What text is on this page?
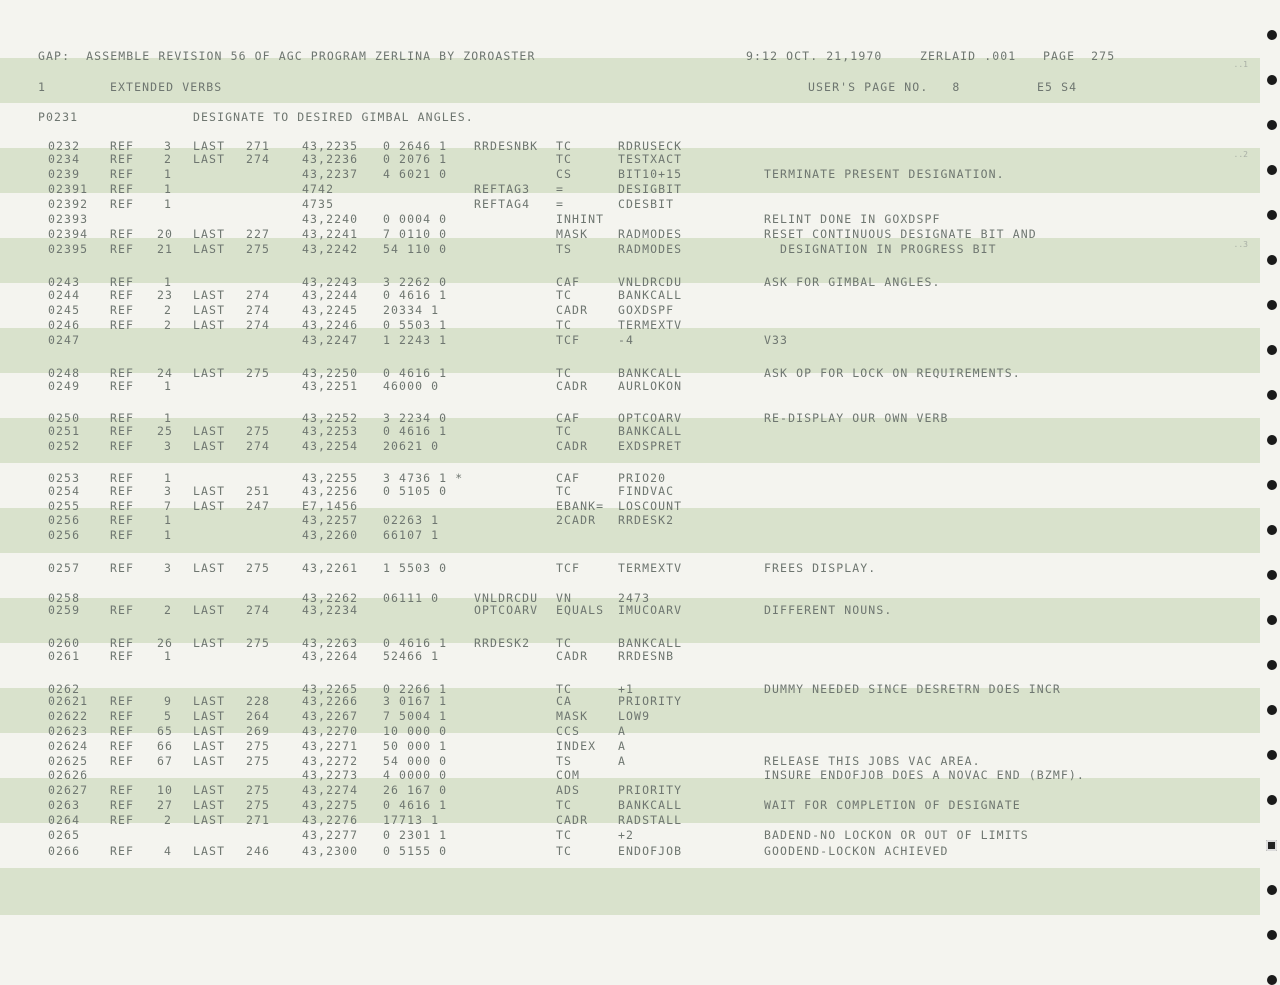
GAP:  ASSEMBLE REVISION 56 OF AGC PROGRAM ZERLINA BY ZOROASTER	9:12 OCT. 21,1970	ZERLAID .001 PAGE  275
1	EXTENDED VERBS	USER'S PAGE NO.   8	E5 S4
P0231	DESIGNATE TO DESIRED GIMBAL ANGLES.
0232	REF	3 LAST 271	43,2235 0 2646 1 RRDESNBK TC	RDRUSECK
0234	REF	2 LAST 274	43,2236 0 2076 1	TC	TESTXACT
0239	REF	1	43,2237 4 6021 0	CS	BIT10+15	TERMINATE PRESENT DESIGNATION.
02391 REF	1	4742	REFTAG3 =	DESIGBIT
02392 REF	1	4735	REFTAG4 =	CDESBIT
02393	43,2240 0 0004 0	INHINT	RELINT DONE IN GOXDSPF
02394 REF 20 LAST 227	43,2241 7 0110 0	MASK	RADMODES	RESET CONTINUOUS DESIGNATE BIT AND
02395 REF 21 LAST 275	43,2242 54 110 0	TS	RADMODES	DESIGNATION IN PROGRESS BIT
0243	REF	1	43,2243 3 2262 0	CAF	VNLDRCDU	ASK FOR GIMBAL ANGLES.
0244	REF 23 LAST 274	43,2244 0 4616 1	TC	BANKCALL
0245	REF	2 LAST 274	43,2245 20334 1	CADR	GOXDSPF
0246	REF	2 LAST 274	43,2246 0 5503 1	TC	TERMEXTV
0247	43,2247 1 2243 1	TCF	-4	V33
0248	REF 24 LAST 275	43,2250 0 4616 1	TC	BANKCALL	ASK OP FOR LOCK ON REQUIREMENTS.
0249	REF	1	43,2251 46000 0	CADR	AURLOKON
0250	REF	1	43,2252 3 2234 0	CAF	OPTCOARV	RE-DISPLAY OUR OWN VERB
0251	REF 25 LAST 275	43,2253 0 4616 1	TC	BANKCALL
0252	REF	3 LAST 274	43,2254 20621 0	CADR	EXDSPRET
0253	REF	1	43,2255 3 4736 1 *	CAF	PRIO20
0254	REF	3 LAST 251	43,2256 0 5105 0	TC	FINDVAC
0255	REF	7 LAST 247	E7,1456	EBANK= LOSCOUNT
0256	REF	1	43,2257 02263 1	2CADR RRDESK2
0256	REF	1	43,2260 66107 1
0257	REF	3 LAST 275	43,2261 1 5503 0	TCF	TERMEXTV	FREES DISPLAY.
0258	43,2262 06111 0	VNLDRCDU VN	2473
0259	REF	2 LAST 274	43,2234	OPTCOARV EQUALS IMUCOARV	DIFFERENT NOUNS.
0260	REF 26 LAST 275	43,2263 0 4616 1 RRDESK2 TC	BANKCALL
0261	REF	1	43,2264 52466 1	CADR	RRDESNB
0262	43,2265 0 2266 1	TC	+1	DUMMY NEEDED SINCE DESRETRN DOES INCR
02621 REF	9 LAST 228	43,2266 3 0167 1	CA	PRIORITY
02622 REF	5 LAST 264	43,2267 7 5004 1	MASK	LOW9
02623 REF 65 LAST 269	43,2270 10 000 0	CCS	A
02624 REF 66 LAST 275	43,2271 50 000 1	INDEX A
02625 REF 67 LAST 275	43,2272 54 000 0	TS	A	RELEASE THIS JOBS VAC AREA.
02626	43,2273 4 0000 0	COM	INSURE ENDOFJOB DOES A NOVAC END (BZMF).
02627 REF 10 LAST 275	43,2274 26 167 0	ADS	PRIORITY
0263	REF 27 LAST 275	43,2275 0 4616 1	TC	BANKCALL	WAIT FOR COMPLETION OF DESIGNATE
0264	REF	2 LAST 271	43,2276 17713 1	CADR	RADSTALL
0265	43,2277 0 2301 1	TC	+2	BADEND-NO LOCKON OR OUT OF LIMITS
0266	REF	4 LAST 246	43,2300 0 5155 0	TC	ENDOFJOB	GOODEND-LOCKON ACHIEVED
..1
..2
..3
